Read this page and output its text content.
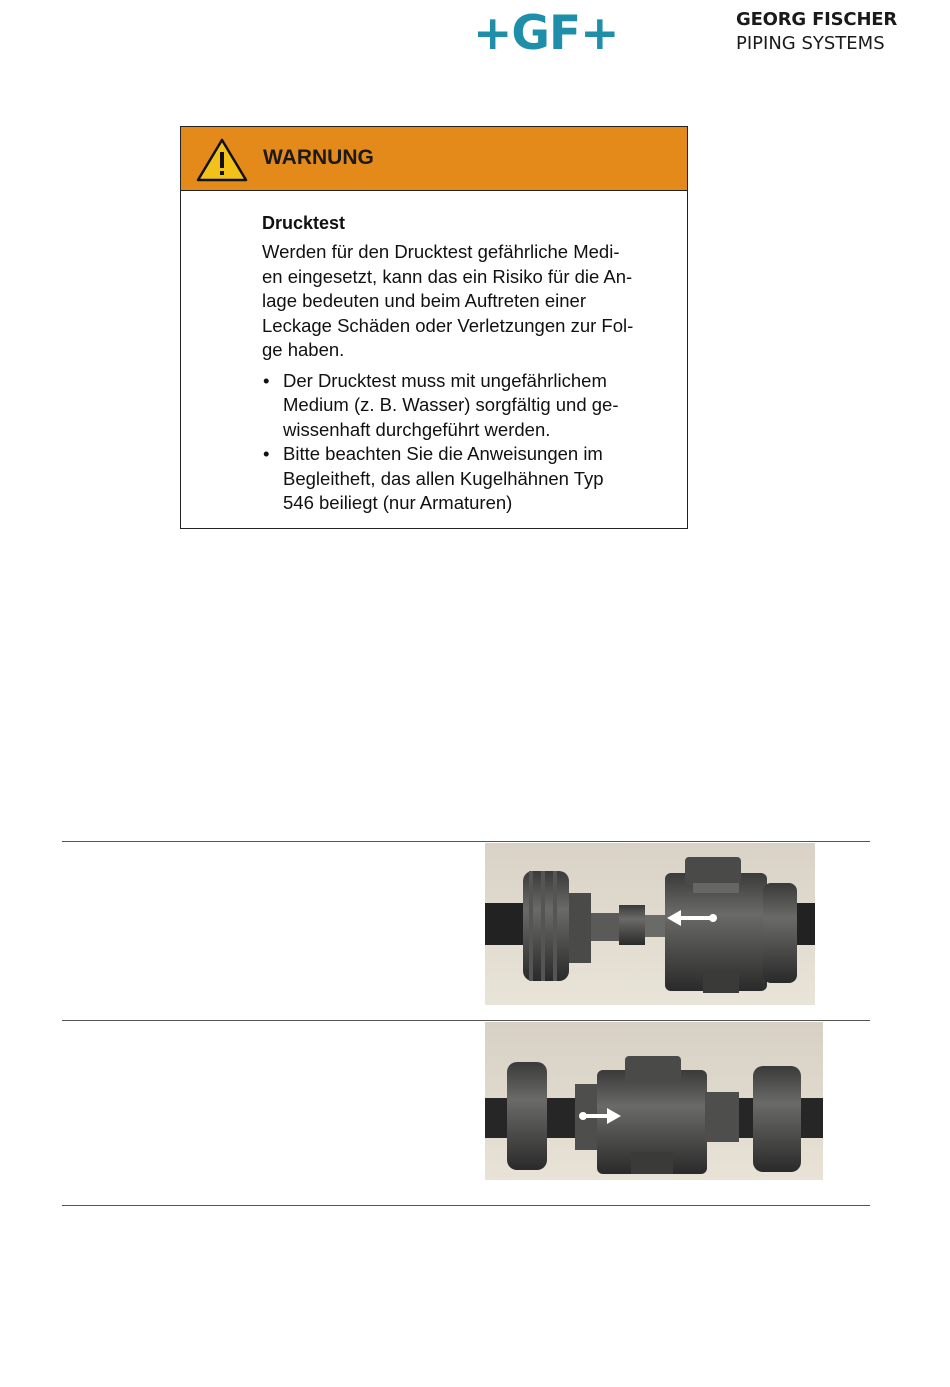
+GF+	GEORG FISCHER
PIPING SYSTEMS
WARNUNG
Drucktest
Werden für den Drucktest gefährliche Medi-
en eingesetzt, kann das ein Risiko für die An-
lage bedeuten und beim Auftreten einer
Leckage Schäden oder Verletzungen zur Fol-
ge haben.
• Der Drucktest muss mit ungefährlichem
Medium (z. B. Wasser) sorgfältig und ge-
wissenhaft durchgeführt werden.
• Bitte beachten Sie die Anweisungen im
Begleitheft, das allen Kugelhähnen Typ
546 beiliegt (nur Armaturen)
